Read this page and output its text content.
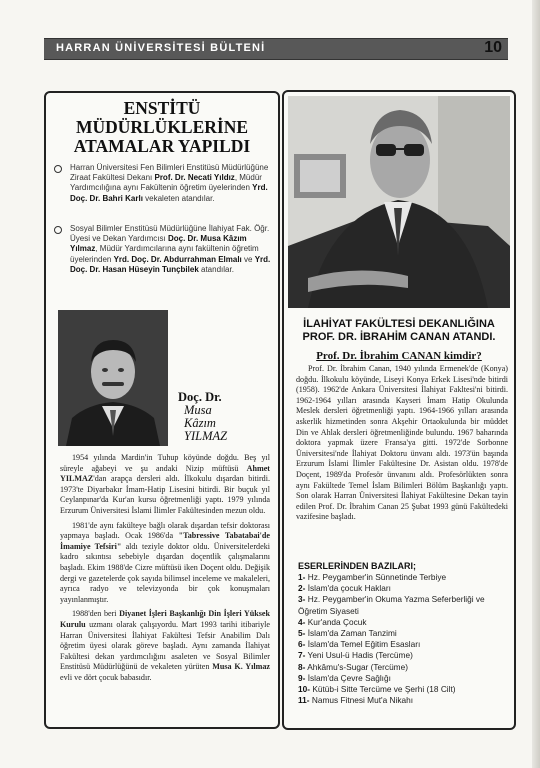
HARRAN ÜNİVERSİTESİ BÜLTENİ	10
ENSTİTÜ
MÜDÜRLÜKLERİNE
ATAMALAR YAPILDI
Harran Üniversitesi Fen Bilimleri Enstitüsü Müdürlüğüne Ziraat Fakültesi Dekanı Prof. Dr. Necati Yıldız, Müdür Yardımcılığına aynı Fakültenin öğretim üyelerinden Yrd. Doç. Dr. Bahri Karlı vekaleten atandılar.
Sosyal Bilimler Enstitüsü Müdürlüğüne İlahiyat Fak. Öğr. Üyesi ve Dekan Yardımcısı Doç. Dr. Musa Kâzım Yılmaz, Müdür Yardımcılarına aynı fakültenin öğretim üyelerinden Yrd. Doç. Dr. Abdurrahman Elmalı ve Yrd. Doç. Dr. Hasan Hüseyin Tunçbilek atandılar.
Doç. Dr.
Musa
Kâzım
YILMAZ

1954 yılında Mardin'in Tuhup köyünde doğdu. Beş yıl süreyle ağabeyi ve şu andaki Nizip müftüsü Ahmet YILMAZ'dan arapça dersleri aldı. İlkokulu dışardan bitirdi. 1973'te Diyarbakır İmam-Hatip Lisesini bitirdi. Bir buçuk yıl Ceylanpınar'da Kur'an kursu öğretmenliği yaptı. 1979 yılında Erzurum Üniversitesi İslami İlimler Fakültesinden mezun oldu.

1981'de aynı fakülteye bağlı olarak dışardan tefsir doktorası yapmaya başladı. Ocak 1986'da "Tabressive Tabatabai'de İmamiye Tefsiri" aldı teziyle doktor oldu. Üniversitelerdeki kadro sıkıntısı sebebiyle dışardan doçentlik çalışmalarını başladı. Ekim 1988'de Cizre müftüsü iken Doçent oldu. Değişik dergi ve gazetelerde çok sayıda bilimsel inceleme ve makaleleri, ayrıca radyo ve televizyonda bir çok konuşmaları yayınlanmıştır.

1988'den beri Diyanet İşleri Başkanlığı Din İşleri Yüksek Kurulu uzmanı olarak çalışıyordu. Mart 1993 tarihi itibariyle Harran Üniversitesi İlahiyat Fakültesi Tefsir Anabilim Dalı öğretim üyesi olarak göreve başladı. Aynı zamanda İlahiyat Fakültesi dekan yardımcılığını asaleten ve Sosyal Bilimler Enstitüsü Müdürlüğünü de vekaleten yürüten Musa K. Yılmaz evli ve dört çocuk babasıdır.

İLAHİYAT FAKÜLTESİ DEKANLIĞINA
PROF. DR. İBRAHİM CANAN ATANDI.
Prof. Dr. İbrahim CANAN kimdir?

Prof. Dr. İbrahim Canan, 1940 yılında Ermenek'de (Konya) doğdu. İlkokulu köyünde, Liseyi Konya Erkek Lisesi'nde bitirdi (1958). 1962'de Ankara Üniversitesi İlahiyat Fakltesi'ni bitirdi. 1962-1964 yılları arasında Kayseri İmam Hatip Okulunda Meslek dersleri öğretmenliği yaptı. 1964-1966 yılları arasında askerlik hizmetinden sonra Akşehir Ortaokulunda bir müddet Din ve Ahlak dersleri öğretmenliğinde bulundu. 1967 baharında doktora yapmak üzere Fransa'ya gitti. 1972'de Sorbonne Üniversitesi'nde İlahiyat Doktoru ünvanı aldı. 1973'ün başında Erzurum İslami İlimler Fakültesine Dr. Asistan oldu. 1978'de Doçent, 1989'da Profesör ünvanını aldı. Profesörlükten sonra aynı Fakültede Temel İslam Bilimleri Bölüm Başkanlığı yaptı. Son olarak Harran Üniversitesi İlahiyat Fakültesine Dekan tayin edilen Prof. Dr. İbrahim Canan 25 Şubat 1993 günü Fakültedeki vazifesine başladı.

ESERLERİNDEN BAZILARI;
1- Hz. Peygamber'in Sünnetinde Terbiye
2- İslam'da çocuk Hakları
3- Hz. Peygamber'in Okuma Yazma Seferberliği ve Öğretim Siyaseti
4- Kur'anda Çocuk
5- İslam'da Zaman Tanzimi
6- İslam'da Temel Eğitim Esasları
7- Yeni Usul-ü Hadis (Tercüme)
8- Ahkâmu's-Sugar (Tercüme)
9- İslam'da Çevre Sağlığı
10- Kütüb-i Sitte Tercüme ve Şerhi (18 Cilt)
11- Namus Fitnesi Mut'a Nikahı
